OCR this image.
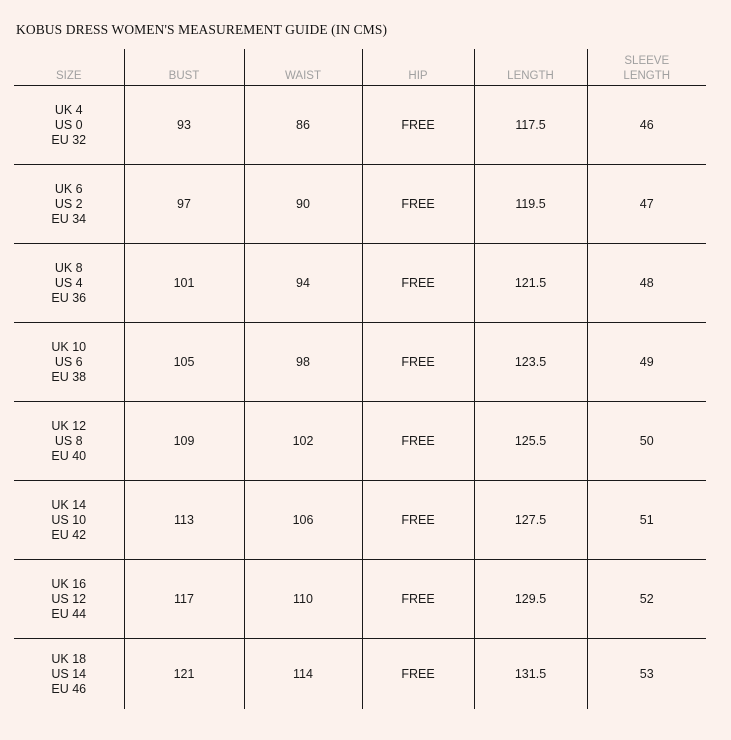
KOBUS DRESS WOMEN'S MEASUREMENT GUIDE (IN CMS)
SIZE	BUST	WAIST	HIP	LENGTH	SLEEVE
LENGTH

UK 4
US 0
EU 32	93	86	FREE	117.5	46

UK 6
US 2
EU 34	97	90	FREE	119.5	47

UK 8
US 4
EU 36	101	94	FREE	121.5	48

UK 10
US 6
EU 38	105	98	FREE	123.5	49

UK 12
US 8
EU 40	109	102	FREE	125.5	50

UK 14
US 10
EU 42	113	106	FREE	127.5	51

UK 16
US 12
EU 44	117	110	FREE	129.5	52

UK 18
US 14
EU 46	121	114	FREE	131.5	53
